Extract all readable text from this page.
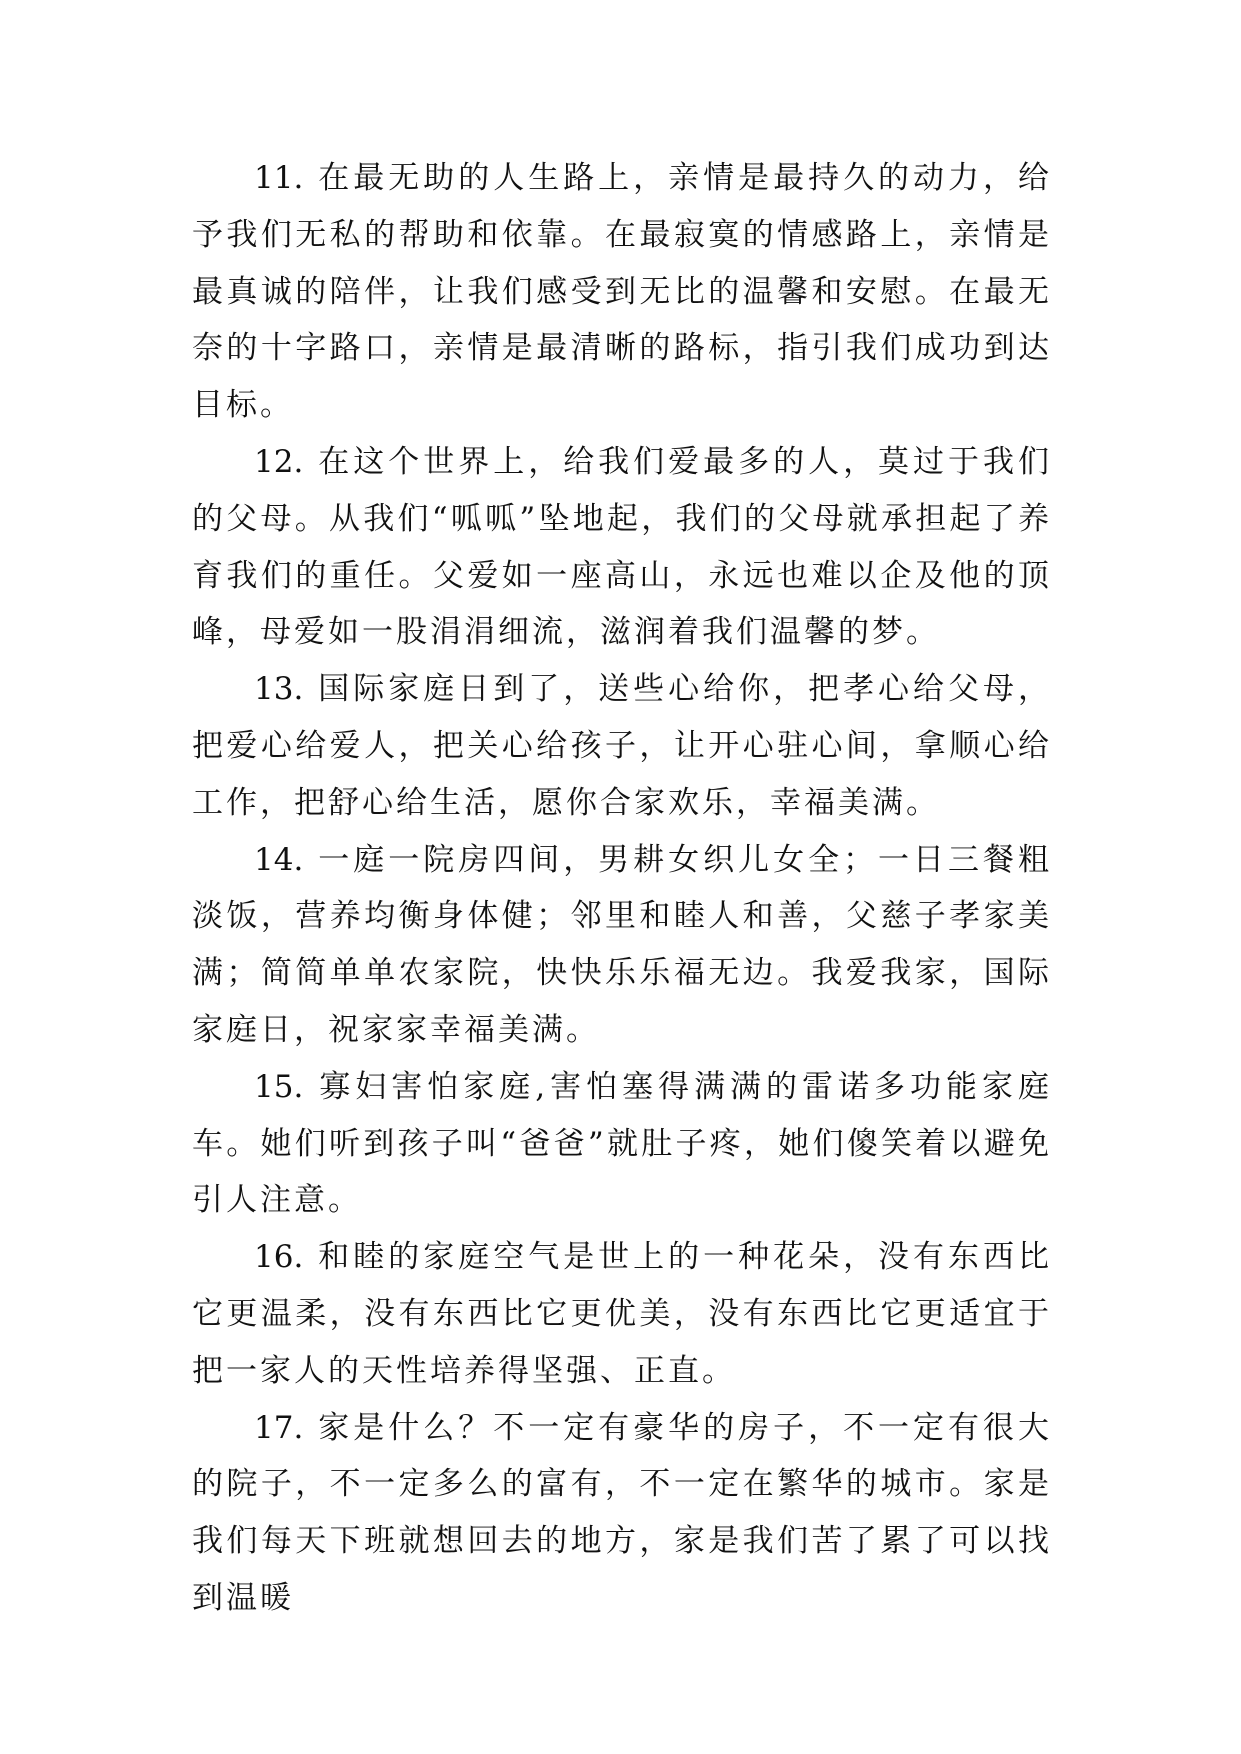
11. 在最无助的人生路上，亲情是最持久的动力，给予我们无私的帮助和依靠。在最寂寞的情感路上，亲情是最真诚的陪伴，让我们感受到无比的温馨和安慰。在最无奈的十字路口，亲情是最清晰的路标，指引我们成功到达目标。

12. 在这个世界上，给我们爱最多的人，莫过于我们的父母。从我们“呱呱”坠地起，我们的父母就承担起了养育我们的重任。父爱如一座高山，永远也难以企及他的顶峰，母爱如一股涓涓细流，滋润着我们温馨的梦。

13. 国际家庭日到了，送些心给你，把孝心给父母，把爱心给爱人，把关心给孩子，让开心驻心间，拿顺心给工作，把舒心给生活，愿你合家欢乐，幸福美满。

14. 一庭一院房四间，男耕女织儿女全；一日三餐粗淡饭，营养均衡身体健；邻里和睦人和善，父慈子孝家美满；简简单单农家院，快快乐乐福无边。我爱我家，国际家庭日，祝家家幸福美满。

15. 寡妇害怕家庭,害怕塞得满满的雷诺多功能家庭车。她们听到孩子叫“爸爸”就肚子疼，她们傻笑着以避免引人注意。

16. 和睦的家庭空气是世上的一种花朵，没有东西比它更温柔，没有东西比它更优美，没有东西比它更适宜于把一家人的天性培养得坚强、正直。

17. 家是什么？不一定有豪华的房子，不一定有很大的院子，不一定多么的富有，不一定在繁华的城市。家是我们每天下班就想回去的地方，家是我们苦了累了可以找到温暖
